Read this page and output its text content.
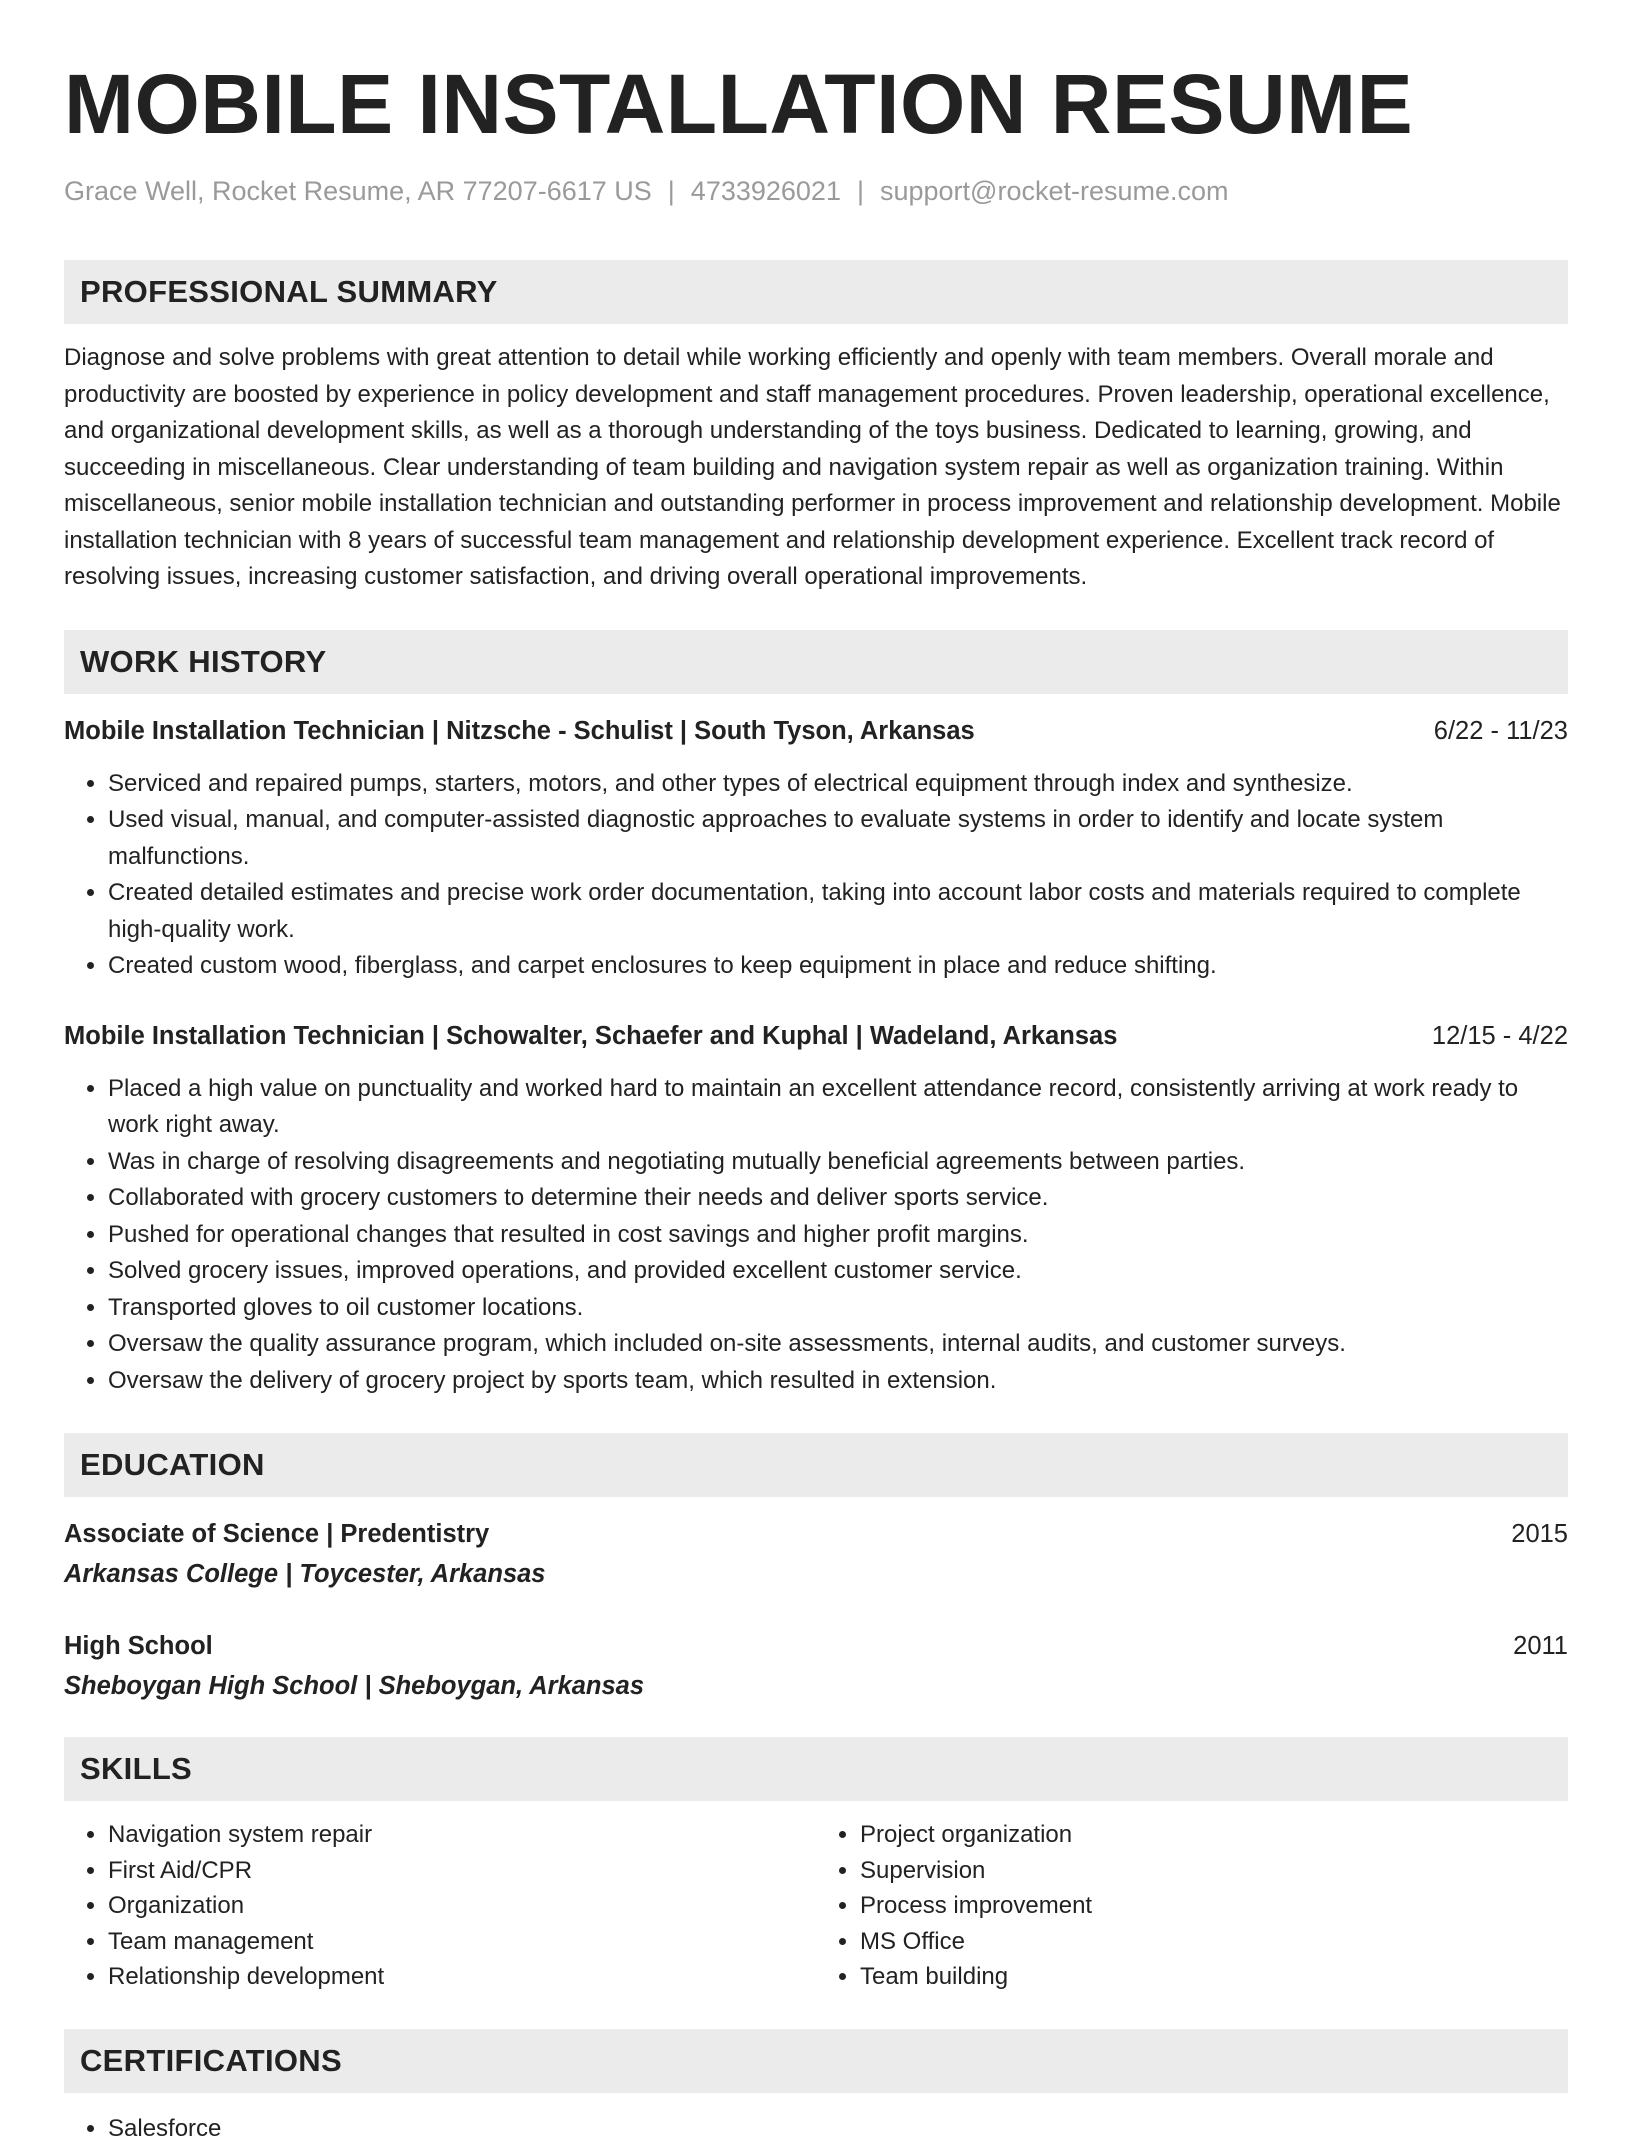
MOBILE INSTALLATION RESUME
Grace Well, Rocket Resume, AR 77207-6617 US | 4733926021 | support@rocket-resume.com
PROFESSIONAL SUMMARY

Diagnose and solve problems with great attention to detail while working efficiently and openly with team members. Overall morale and productivity are boosted by experience in policy development and staff management procedures. Proven leadership, operational excellence, and organizational development skills, as well as a thorough understanding of the toys business. Dedicated to learning, growing, and succeeding in miscellaneous. Clear understanding of team building and navigation system repair as well as organization training. Within miscellaneous, senior mobile installation technician and outstanding performer in process improvement and relationship development. Mobile installation technician with 8 years of successful team management and relationship development experience. Excellent track record of resolving issues, increasing customer satisfaction, and driving overall operational improvements.

WORK HISTORY
Mobile Installation Technician | Nitzsche - Schulist | South Tyson, Arkansas	6/22 - 11/23
• Serviced and repaired pumps, starters, motors, and other types of electrical equipment through index and synthesize.
• Used visual, manual, and computer-assisted diagnostic approaches to evaluate systems in order to identify and locate system malfunctions.
• Created detailed estimates and precise work order documentation, taking into account labor costs and materials required to complete high-quality work.
• Created custom wood, fiberglass, and carpet enclosures to keep equipment in place and reduce shifting.
Mobile Installation Technician | Schowalter, Schaefer and Kuphal | Wadeland, Arkansas	12/15 - 4/22
• Placed a high value on punctuality and worked hard to maintain an excellent attendance record, consistently arriving at work ready to work right away.
• Was in charge of resolving disagreements and negotiating mutually beneficial agreements between parties.
• Collaborated with grocery customers to determine their needs and deliver sports service.
• Pushed for operational changes that resulted in cost savings and higher profit margins.
• Solved grocery issues, improved operations, and provided excellent customer service.
• Transported gloves to oil customer locations.
• Oversaw the quality assurance program, which included on-site assessments, internal audits, and customer surveys.
• Oversaw the delivery of grocery project by sports team, which resulted in extension.
EDUCATION
Associate of Science | Predentistry	2015
Arkansas College | Toycester, Arkansas
High School	2011
Sheboygan High School | Sheboygan, Arkansas
SKILLS
• Navigation system repair
• First Aid/CPR
• Organization
• Team management
• Relationship development
• Project organization
• Supervision
• Process improvement
• MS Office
• Team building
CERTIFICATIONS
• Salesforce
